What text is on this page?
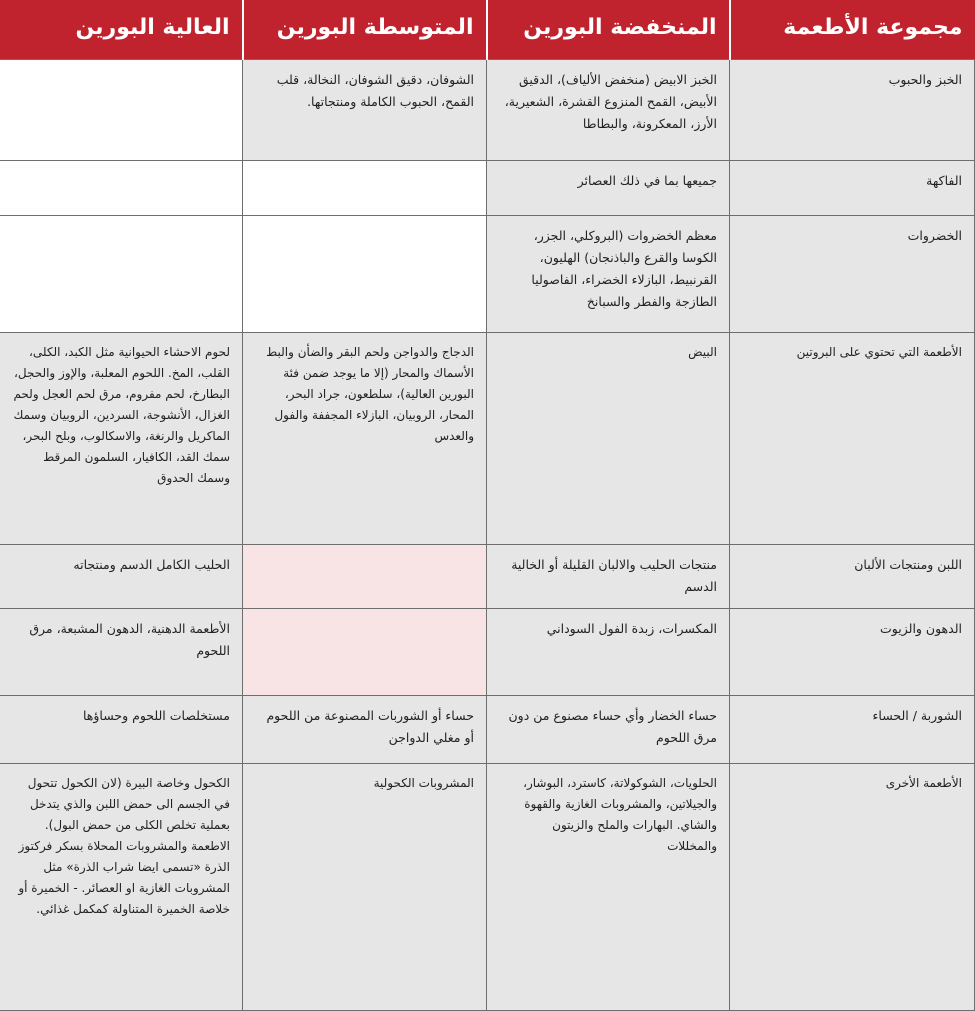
مجموعة الأطعمة	المنخفضة البورين	المتوسطة البورين	العالية البورين
الخبز والحبوب	الخبز الابيض (منخفض الألياف)، الدقيق الأبيض، القمح المنزوع القشرة، الشعيرية، الأرز، المعكرونة، والبطاطا	الشوفان، دقيق الشوفان، النخالة، قلب القمح، الحبوب الكاملة ومنتجاتها.	
الفاكهة	جميعها بما في ذلك العصائر		
الخضروات	معظم الخضروات (البروكلي، الجزر، الكوسا والقرع والباذنجان) الهليون، القرنبيط، البازلاء الخضراء، الفاصوليا الطازجة والفطر والسبانخ		
الأطعمة التي تحتوي على البروتين	البيض	الدجاج والدواجن ولحم البقر والضأن والبط الأسماك والمحار (إلا ما يوجد ضمن فئة البورين العالية)، سلطعون، جراد البحر، المحار، الروبيان، البازلاء المجففة والفول والعدس	لحوم الاحشاء الحيوانية مثل الكبد، الكلى، القلب، المخ. اللحوم المعلبة، والإوز والحجل، البطارخ، لحم مفروم، مرق لحم العجل ولحم الغزال، الأنشوجة، السردين، الروبيان وسمك الماكريل والرنغة، والاسكالوب، وبلح البحر، سمك القد، الكافيار، السلمون المرقط وسمك الحدوق
اللبن ومنتجات الألبان	منتجات الحليب والالبان القليلة أو الخالية الدسم		الحليب الكامل الدسم ومنتجاته
الدهون والزيوت	المكسرات، زبدة الفول السوداني		الأطعمة الدهنية، الدهون المشبعة، مرق اللحوم
الشوربة / الحساء	حساء الخضار وأي حساء مصنوع من دون مرق اللحوم	حساء أو الشوربات المصنوعة من اللحوم أو مغلي الدواجن	مستخلصات اللحوم وحساؤها
الأطعمة الأخرى	الحلويات، الشوكولاتة، كاسترد، البوشار، والجيلاتين، والمشروبات الغازية والقهوة والشاي. البهارات والملح والزيتون والمخللات	المشروبات الكحولية	الكحول وخاصة البيرة (لان الكحول تتحول في الجسم الى حمض اللبن والذي يتدخل بعملية تخلص الكلى من حمض البول). الاطعمة والمشروبات المحلاة بسكر فركتوز الذرة «تسمى ايضا شراب الذرة» مثل المشروبات الغازية او العصائر. - الخميرة أو خلاصة الخميرة المتناولة كمكمل غذائي.
